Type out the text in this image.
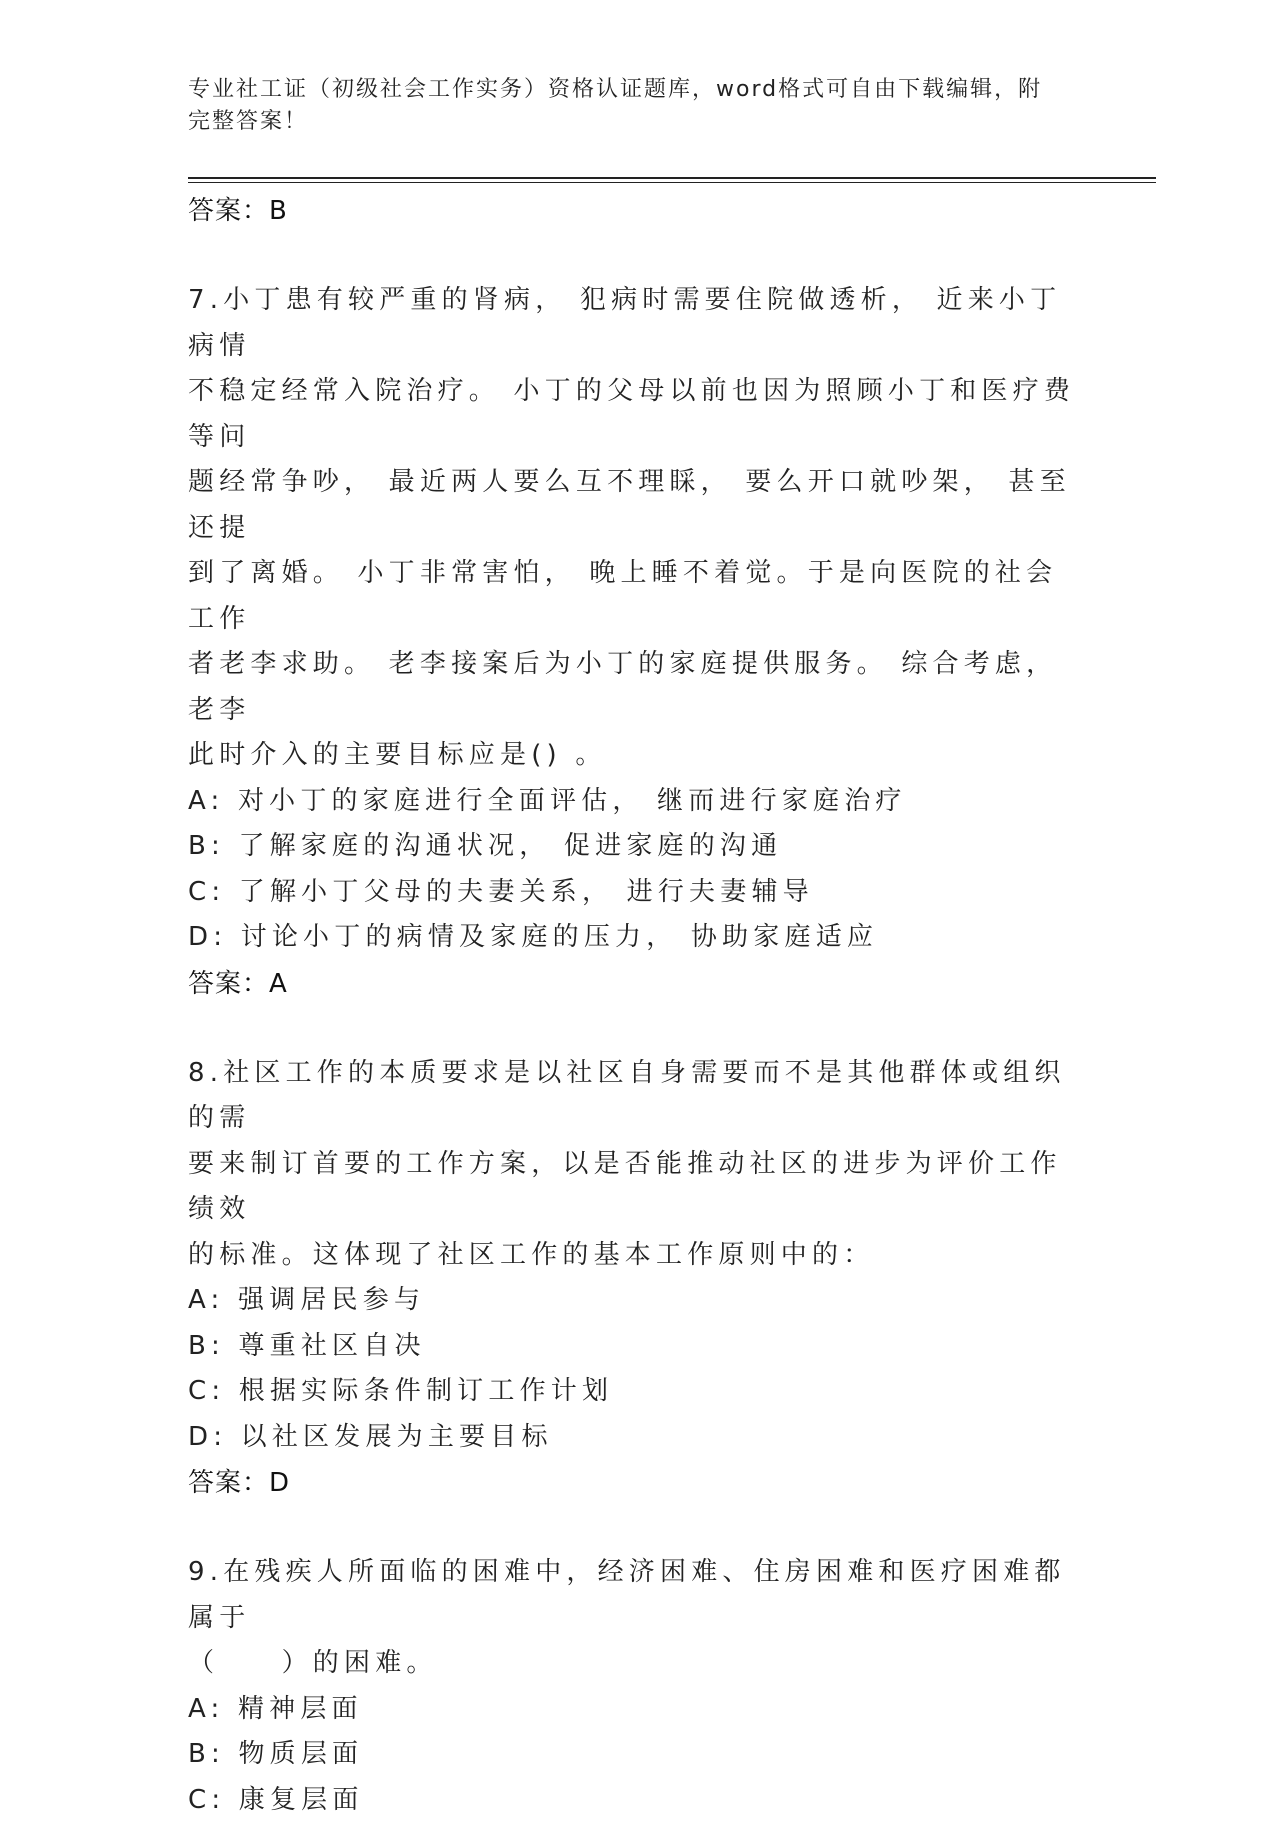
专业社工证（初级社会工作实务）资格认证题库，word格式可自由下载编辑，附
完整答案！
答案：B
7.小丁患有较严重的肾病， 犯病时需要住院做透析， 近来小丁病情
不稳定经常入院治疗。 小丁的父母以前也因为照顾小丁和医疗费等问
题经常争吵， 最近两人要么互不理睬， 要么开口就吵架， 甚至还提
到了离婚。 小丁非常害怕， 晚上睡不着觉。于是向医院的社会工作
者老李求助。 老李接案后为小丁的家庭提供服务。 综合考虑， 老李
此时介入的主要目标应是() 。
A: 对小丁的家庭进行全面评估， 继而进行家庭治疗
B: 了解家庭的沟通状况， 促进家庭的沟通
C: 了解小丁父母的夫妻关系， 进行夫妻辅导
D: 讨论小丁的病情及家庭的压力， 协助家庭适应
答案：A
8.社区工作的本质要求是以社区自身需要而不是其他群体或组织的需
要来制订首要的工作方案，以是否能推动社区的进步为评价工作绩效
的标准。这体现了社区工作的基本工作原则中的：
A: 强调居民参与
B: 尊重社区自决
C: 根据实际条件制订工作计划
D: 以社区发展为主要目标
答案：D
9.在残疾人所面临的困难中，经济困难、住房困难和医疗困难都属于
（　　）的困难。
A: 精神层面
B: 物质层面
C: 康复层面
